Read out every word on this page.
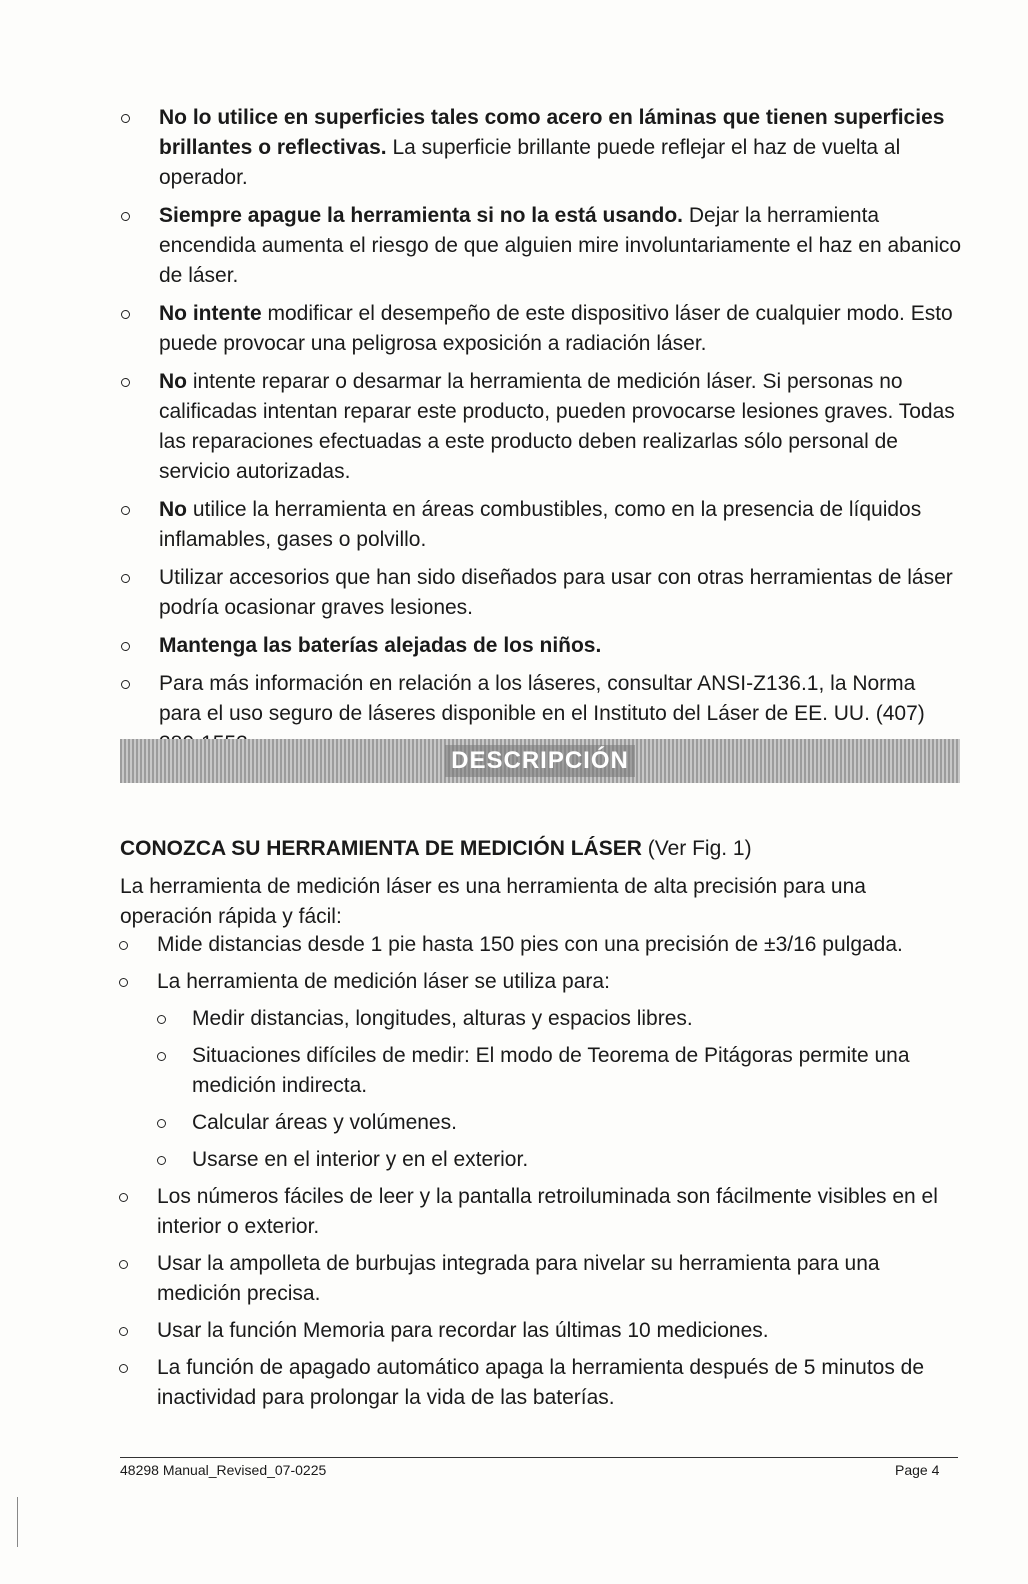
No lo utilice en superficies tales como acero en láminas que tienen superficies brillantes o reflectivas. La superficie brillante puede reflejar el haz de vuelta al operador.
Siempre apague la herramienta si no la está usando. Dejar la herramienta encendida aumenta el riesgo de que alguien mire involuntariamente el haz en abanico de láser.
No intente modificar el desempeño de este dispositivo láser de cualquier modo. Esto puede provocar una peligrosa exposición a radiación láser.
No intente reparar o desarmar la herramienta de medición láser. Si personas no calificadas intentan reparar este producto, pueden provocarse lesiones graves. Todas las reparaciones efectuadas a este producto deben realizarlas sólo personal de servicio autorizadas.
No utilice la herramienta en áreas combustibles, como en la presencia de líquidos inflamables, gases o polvillo.
Utilizar accesorios que han sido diseñados para usar con otras herramientas de láser podría ocasionar graves lesiones.
Mantenga las baterías alejadas de los niños.
Para más información en relación a los láseres, consultar ANSI-Z136.1, la Norma para el uso seguro de láseres disponible en el Instituto del Láser de EE. UU. (407)
DESCRIPCIÓN
CONOZCA SU HERRAMIENTA DE MEDICIÓN LÁSER (Ver Fig. 1)
La herramienta de medición láser es una herramienta de alta precisión para una operación rápida y fácil:
Mide distancias desde 1 pie hasta 150 pies con una precisión de ±3/16 pulgada.
La herramienta de medición láser se utiliza para:
Medir distancias, longitudes, alturas y espacios libres.
Situaciones difíciles de medir: El modo de Teorema de Pitágoras permite una medición indirecta.
Calcular áreas y volúmenes.
Usarse en el interior y en el exterior.
Los números fáciles de leer y la pantalla retroiluminada son fácilmente visibles en el interior o exterior.
Usar la ampolleta de burbujas integrada para nivelar su herramienta para una medición precisa.
Usar la función Memoria para recordar las últimas 10 mediciones.
La función de apagado automático apaga la herramienta después de 5 minutos de inactividad para prolongar la vida de las baterías.
48298 Manual_Revised_07-0225	Page 4
